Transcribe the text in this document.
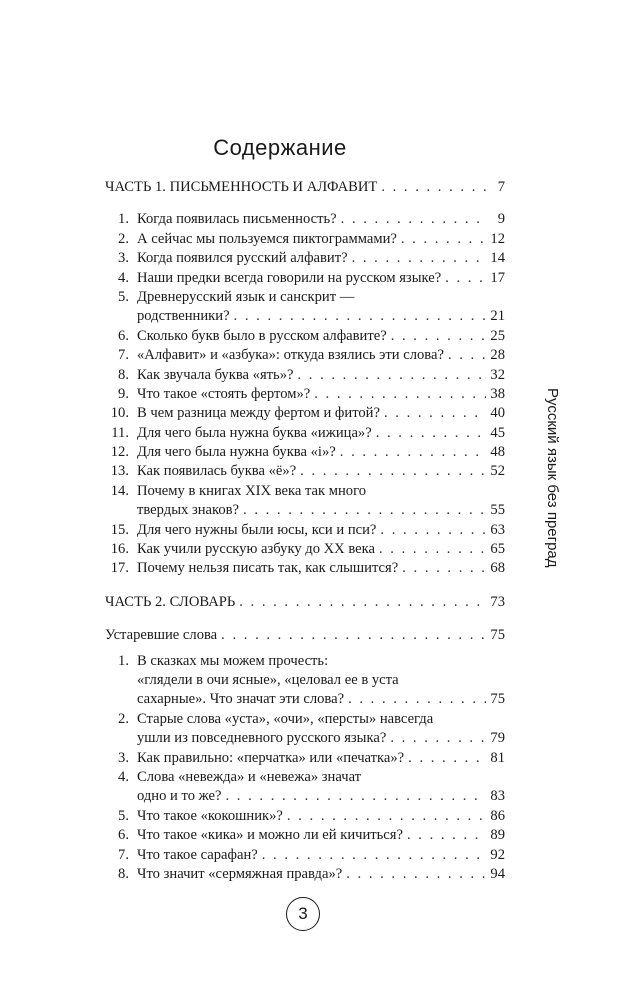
Содержание
ЧАСТЬ 1. ПИСЬМЕННОСТЬ И АЛФАВИТ . . .	7
1. Когда появилась письменность? . . .	9
2. А сейчас мы пользуемся пиктограммами? . . .	12
3. Когда появился русский алфавит? . . .	14
4. Наши предки всегда говорили на русском языке? . . .	17
5. Древнерусский язык и санскрит —
родственники? . . .	21
6. Сколько букв было в русском алфавите? . . .	25
7. «Алфавит» и «азбука»: откуда взялись эти слова? . . .	28
8. Как звучала буква «ять»? . . .	32
9. Что такое «стоять фертом»? . . .	38
10. В чем разница между фертом и фитой? . . .	40
11. Для чего была нужна буква «ижица»? . . .	45
12. Для чего была нужна буква «і»? . . .	48
13. Как появилась буква «ё»? . . .	52
14. Почему в книгах XIX века так много
твердых знаков? . . .	55
15. Для чего нужны были юсы, кси и пси? . . .	63
16. Как учили русскую азбуку до XX века . . .	65
17. Почему нельзя писать так, как слышится? . . .	68
ЧАСТЬ 2. СЛОВАРЬ . . .	73
Устаревшие слова . . .	75
1. В сказках мы можем прочесть:
«глядели в очи ясные», «целовал ее в уста
сахарные». Что значат эти слова? . . .	75
2. Старые слова «уста», «очи», «персты» навсегда
ушли из повседневного русского языка? . . .	79
3. Как правильно: «перчатка» или «печатка»? . . .	81
4. Слова «невежда» и «невежа» значат
одно и то же? . . .	83
5. Что такое «кокошник»? . . .	86
6. Что такое «кика» и можно ли ей кичиться? . . .	89
7. Что такое сарафан? . . .	92
8. Что значит «сермяжная правда»? . . .	94
Русский язык без преград
3
